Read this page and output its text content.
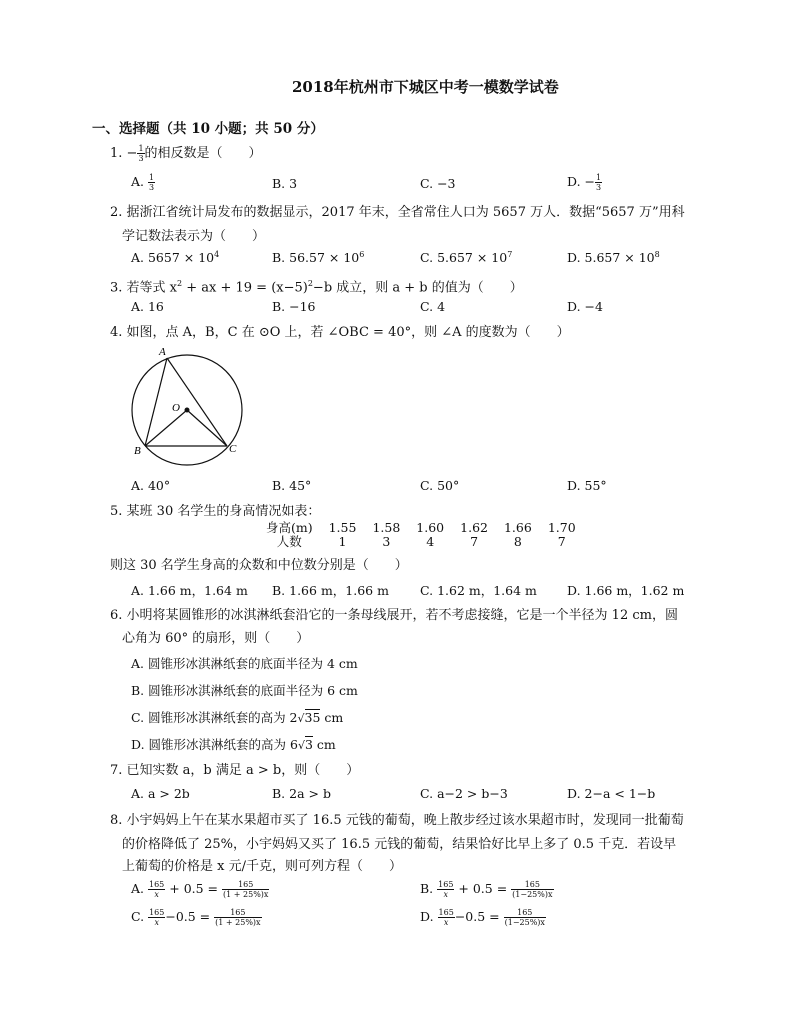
2018年杭州市下城区中考一模数学试卷
一、选择题（共 10 小题；共 50 分）
1. − $\frac{1}{3}$ 的相反数是（　　）
A. $\frac{1}{3}$	B. 3	C. −3	D. − $\frac{1}{3}$
2. 据浙江省统计局发布的数据显示，2017 年末，全省常住人口为 5657 万人．数据“5657 万”用科
学记数法表示为（　　）
A. $5657 \times 10^4$	B. $56.57 \times 10^6$	C. $5.657 \times 10^7$	D. $5.657 \times 10^8$
3. 若等式 $x^2$ + ax + $19 = (x-5)^2-b$ 成立，则 a + b 的值为（　　）
A. 16	B. −16	C. 4	D. −4
4. 如图，点 A，B，C 在 ⊙O 上，若 ∠OBC = 40°，则 ∠A 的度数为（　　）
A
O
B	C
A. 40°	B. 45°	C. 50°	D. 55°
5. 某班 30 名学生的身高情况如表：
身高(m)	1.55	1.58	1.60	1.62	1.66	1.70
人数	1	3	4	7	8	7
则这 30 名学生身高的众数和中位数分别是（　　）
A. 1.66 m，1.64 m B. 1.66 m，1.66 m C. 1.62 m，1.64 m D. 1.66 m，1.62 m
6. 小明将某圆锥形的冰淇淋纸套沿它的一条母线展开，若不考虑接缝，它是一个半径为 12 cm，圆
心角为 60° 的扇形，则（　　）
A. 圆锥形冰淇淋纸套的底面半径为 4 cm
B. 圆锥形冰淇淋纸套的底面半径为 6 cm
C. 圆锥形冰淇淋纸套的高为 2√35 cm
D. 圆锥形冰淇淋纸套的高为 6√3 cm
7. 已知实数 a，b 满足 a > b，则（　　）
A. a > 2b	B. 2a > b	C. a−2 > b−3	D. 2−a < 1−b
8. 小宇妈妈上午在某水果超市买了 16.5 元钱的葡萄，晚上散步经过该水果超市时，发现同一批葡萄
的价格降低了 25%，小宇妈妈又买了 16.5 元钱的葡萄，结果恰好比早上多了 0.5 千克．若设早
上葡萄的价格是 x 元/千克，则可列方程（　　）
A. $\frac{165}{x} + 0.5 = \frac{165}{(1 + 25\%)x}$	B. $\frac{165}{x} + 0.5 = \frac{165}{(1-25\%)x}$
C. $\frac{165}{x} -0.5 = \frac{165}{(1 + 25\%)x}$	D. $\frac{165}{x} -0.5 = \frac{165}{(1-25\%)x}$
